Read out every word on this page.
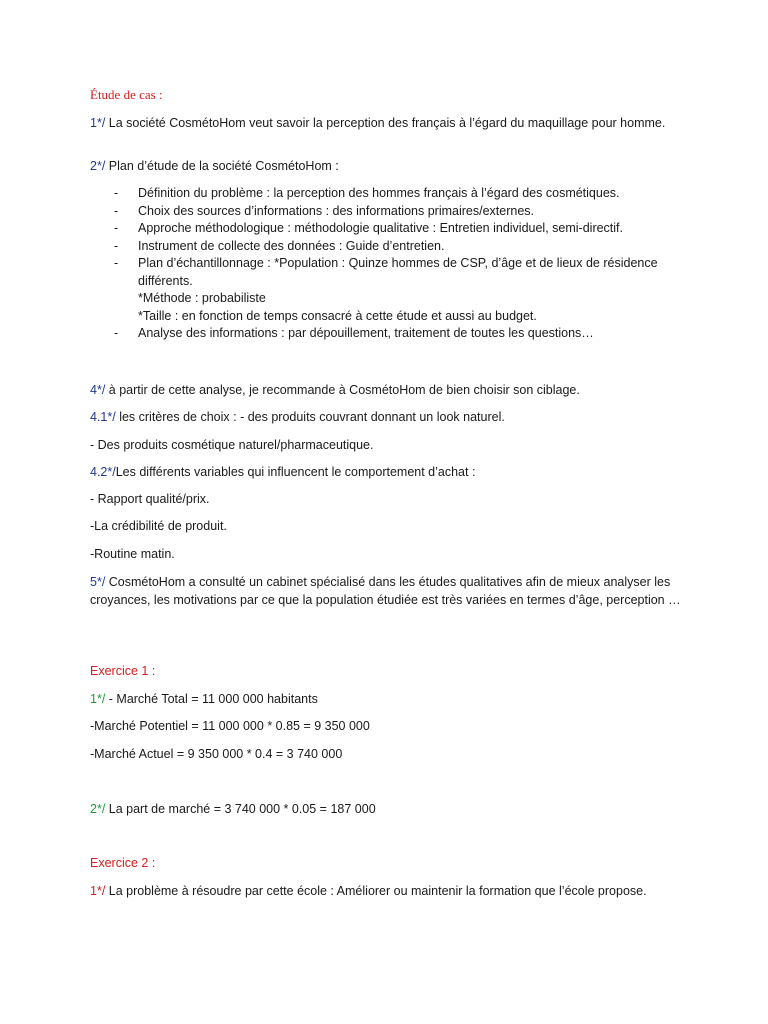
Étude de cas :
1*/ La société CosmétoHom veut savoir la perception des français à l’égard du maquillage pour homme.
2*/ Plan d’étude de la société CosmétoHom :
- Définition du problème : la perception des hommes français à l’égard des cosmétiques.
- Choix des sources d’informations : des informations primaires/externes.
- Approche méthodologique : méthodologie qualitative : Entretien individuel, semi-directif.
- Instrument de collecte des données : Guide d’entretien.
- Plan d’échantillonnage : *Population : Quinze hommes de CSP, d’âge et de lieux de résidence différents.
*Méthode : probabiliste
*Taille : en fonction de temps consacré à cette étude et aussi au budget.
- Analyse des informations : par dépouillement, traitement de toutes les questions…
4*/ à partir de cette analyse, je recommande à CosmétoHom de bien choisir son ciblage.
4.1*/ les critères de choix : - des produits couvrant donnant un look naturel.
- Des produits cosmétique naturel/pharmaceutique.
4.2*/Les différents variables qui influencent le comportement d’achat :
- Rapport qualité/prix.
-La crédibilité de produit.
-Routine matin.
5*/ CosmétoHom a consulté un cabinet spécialisé dans les études qualitatives afin de mieux analyser les croyances, les motivations par ce que la population étudiée est très variées en termes d’âge, perception …
Exercice 1 :
1*/ - Marché Total = 11 000 000 habitants
-Marché Potentiel = 11 000 000 * 0.85 = 9 350 000
-Marché Actuel = 9 350 000 * 0.4 = 3 740 000
2*/ La part de marché = 3 740 000 * 0.05 = 187 000
Exercice 2 :
1*/ La problème à résoudre par cette école : Améliorer ou maintenir la formation que l’école propose.
